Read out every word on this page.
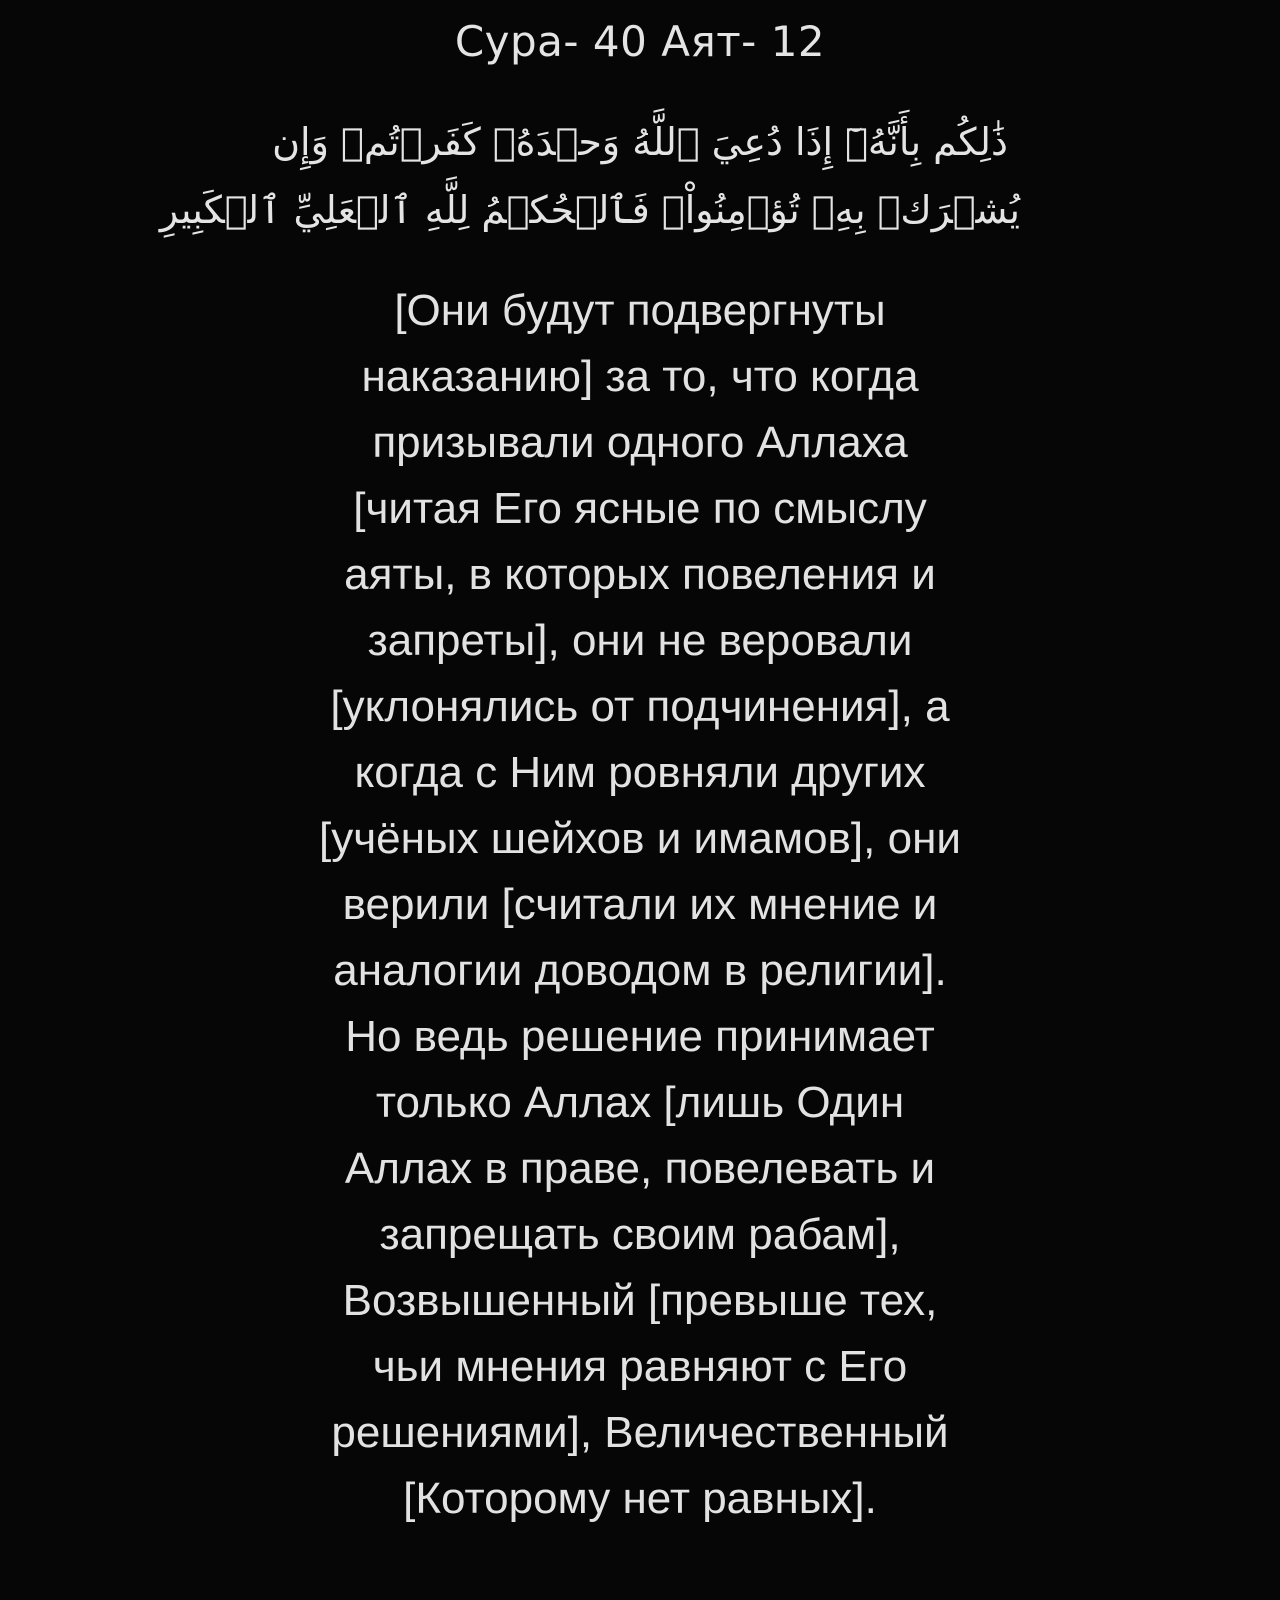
Сура- 40 Аят- 12
ذَٰلِكُم بِأَنَّهُۥٓ إِذَا دُعِيَ ٱللَّهُ وَحۡدَهُۥ كَفَرۡتُمۡ وَإِن
يُشۡرَكۡ بِهِۦ تُؤۡمِنُواْۚ فَٱلۡحُكۡمُ لِلَّهِ ٱلۡعَلِيِّ ٱلۡكَبِيرِ
[Они будут подвергнуты
наказанию] за то, что когда
призывали одного Аллаха
[читая Его ясные по смыслу
аяты, в которых повеления и
запреты], они не веровали
[уклонялись от подчинения], а
когда с Ним ровняли других
[учёных шейхов и имамов], они
верили [считали их мнение и
аналогии доводом в религии].
Но ведь решение принимает
только Аллах [лишь Один
Аллах в праве, повелевать и
запрещать своим рабам],
Возвышенный [превыше тех,
чьи мнения равняют с Его
решениями], Величественный
[Которому нет равных].
